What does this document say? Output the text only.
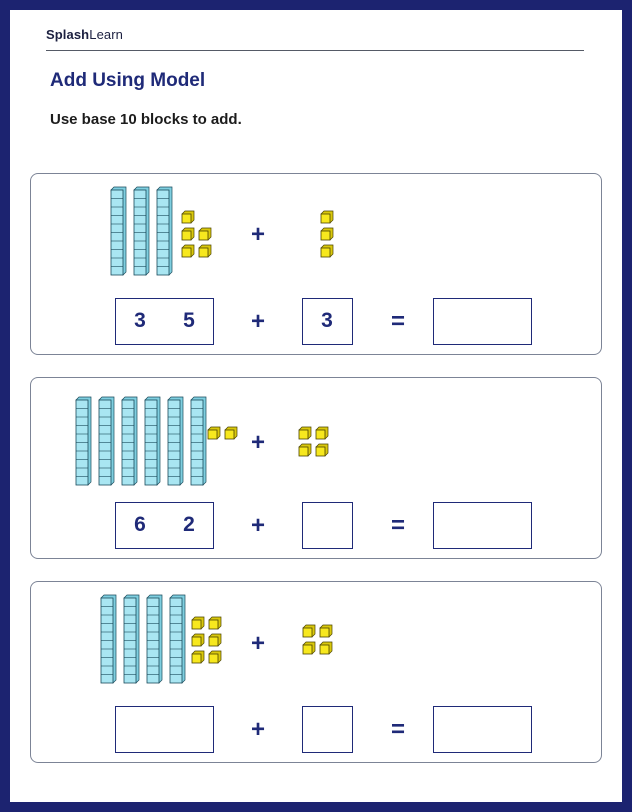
SplashLearn
Add Using Model
Use base 10 blocks to add.
+
3 5 +	3 =
+
6 2 +	=
+
+	=
